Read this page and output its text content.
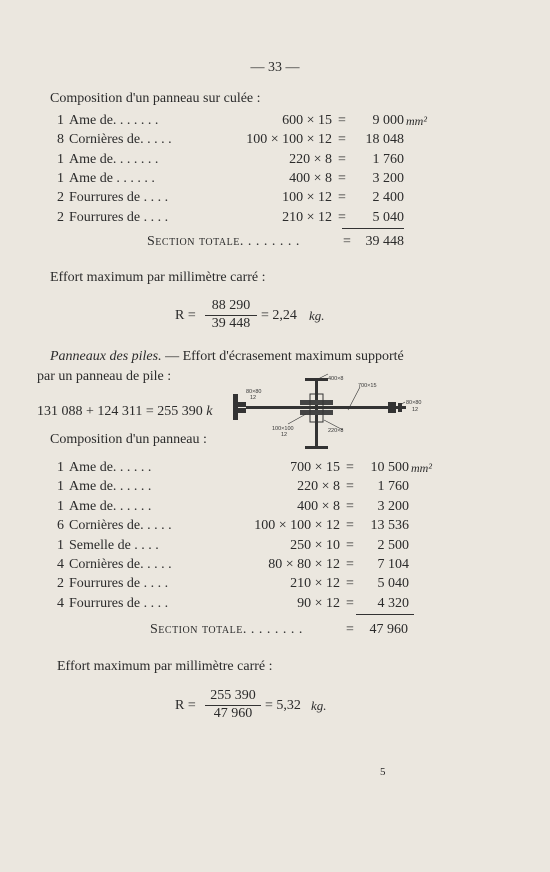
— 33 —
Composition d'un panneau sur culée :
1 Ame de. . . . . . .	600 × 15 =	9 000 mm²
8 Cornières de. . . . .	100 × 100 × 12 =	18 048
1 Ame de. . . . . . .	220 × 8 =	1 760
1 Ame de . . . . . .	400 × 8 =	3 200
2 Fourrures de . . . .	100 × 12 =	2 400
2 Fourrures de . . . .	210 × 12 =	5 040
Section totale. . . . . . . .	=	39 448
Effort maximum par millimètre carré :
R =
88 290
39 448
= 2,24 kg.
Panneaux des piles. — Effort d'écrasement maximum supporté
par un panneau de pile :
131 088 + 124 311 = 255 390 k
400×8
80×80
12
700×15
80×80
12
100×100
12
220×8
Composition d'un panneau :
1 Ame de. . . . . .	700 × 15 =	10 500 mm²
1 Ame de. . . . . .	220 × 8 =	1 760
1 Ame de. . . . . .	400 × 8 =	3 200
6 Cornières de. . . . .	100 × 100 × 12 =	13 536
1 Semelle de . . . .	250 × 10 =	2 500
4 Cornières de. . . . .	80 × 80 × 12 =	7 104
2 Fourrures de . . . .	210 × 12 =	5 040
4 Fourrures de . . . .	90 × 12 =	4 320
Section totale. . . . . . . .	=	47 960
Effort maximum par millimètre carré :
R =
255 390
47 960
= 5,32 kg.
5
